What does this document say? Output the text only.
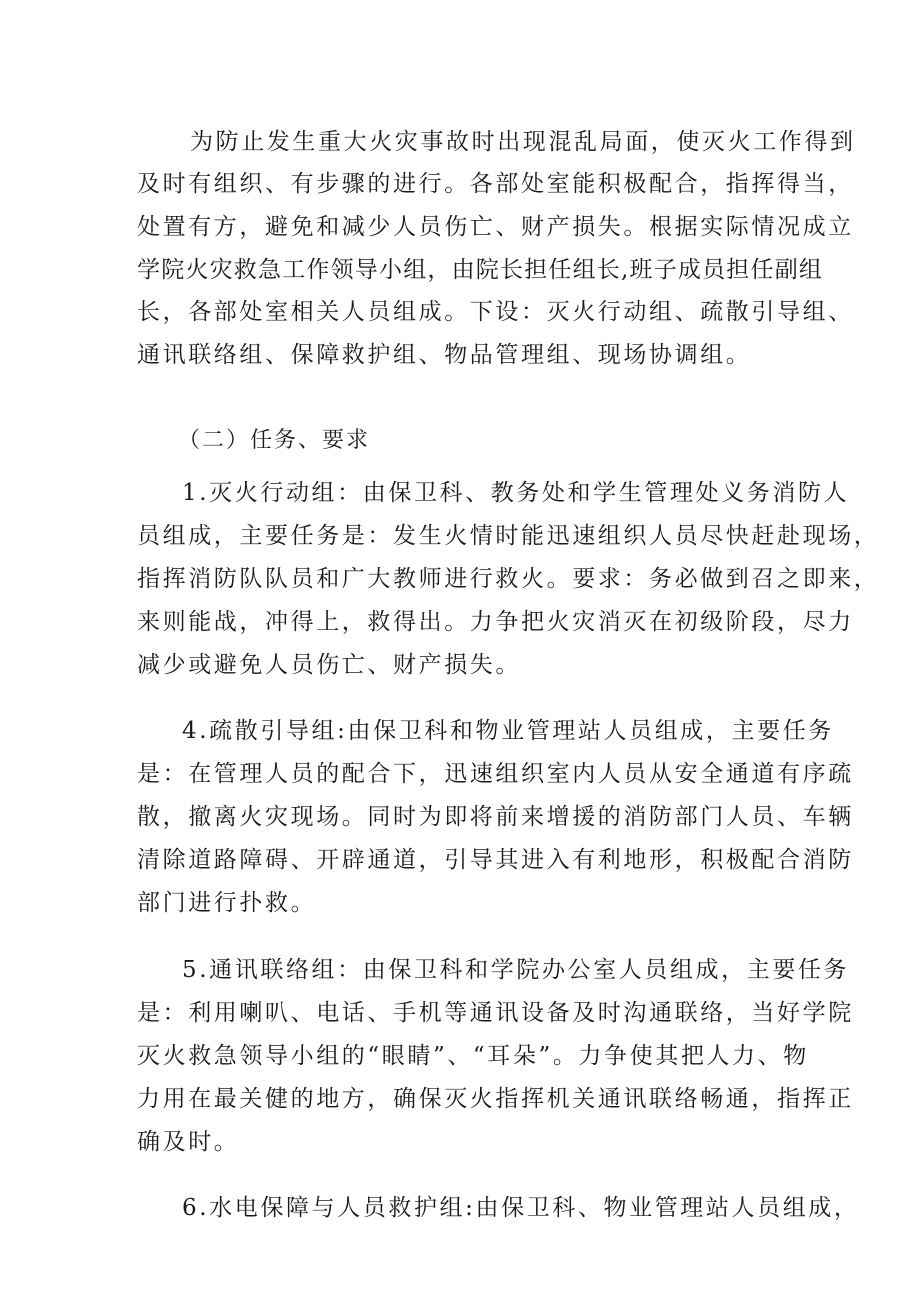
为防止发生重大火灾事故时出现混乱局面，使灭火工作得到
及时有组织、有步骤的进行。各部处室能积极配合，指挥得当，
处置有方，避免和减少人员伤亡、财产损失。根据实际情况成立
学院火灾救急工作领导小组，由院长担任组长,班子成员担任副组
长，各部处室相关人员组成。下设：灭火行动组、疏散引导组、
通讯联络组、保障救护组、物品管理组、现场协调组。
（二）任务、要求
1.灭火行动组：由保卫科、教务处和学生管理处义务消防人
员组成，主要任务是：发生火情时能迅速组织人员尽快赶赴现场，
指挥消防队队员和广大教师进行救火。要求：务必做到召之即来，
来则能战，冲得上，救得出。力争把火灾消灭在初级阶段，尽力
减少或避免人员伤亡、财产损失。
4.疏散引导组:由保卫科和物业管理站人员组成，主要任务
是：在管理人员的配合下，迅速组织室内人员从安全通道有序疏
散，撤离火灾现场。同时为即将前来增援的消防部门人员、车辆
清除道路障碍、开辟通道，引导其进入有利地形，积极配合消防
部门进行扑救。
5.通讯联络组：由保卫科和学院办公室人员组成，主要任务
是：利用喇叭、电话、手机等通讯设备及时沟通联络，当好学院
灭火救急领导小组的“眼睛”、“耳朵”。力争使其把人力、物
力用在最关健的地方，确保灭火指挥机关通讯联络畅通，指挥正
确及时。
6.水电保障与人员救护组:由保卫科、物业管理站人员组成，
